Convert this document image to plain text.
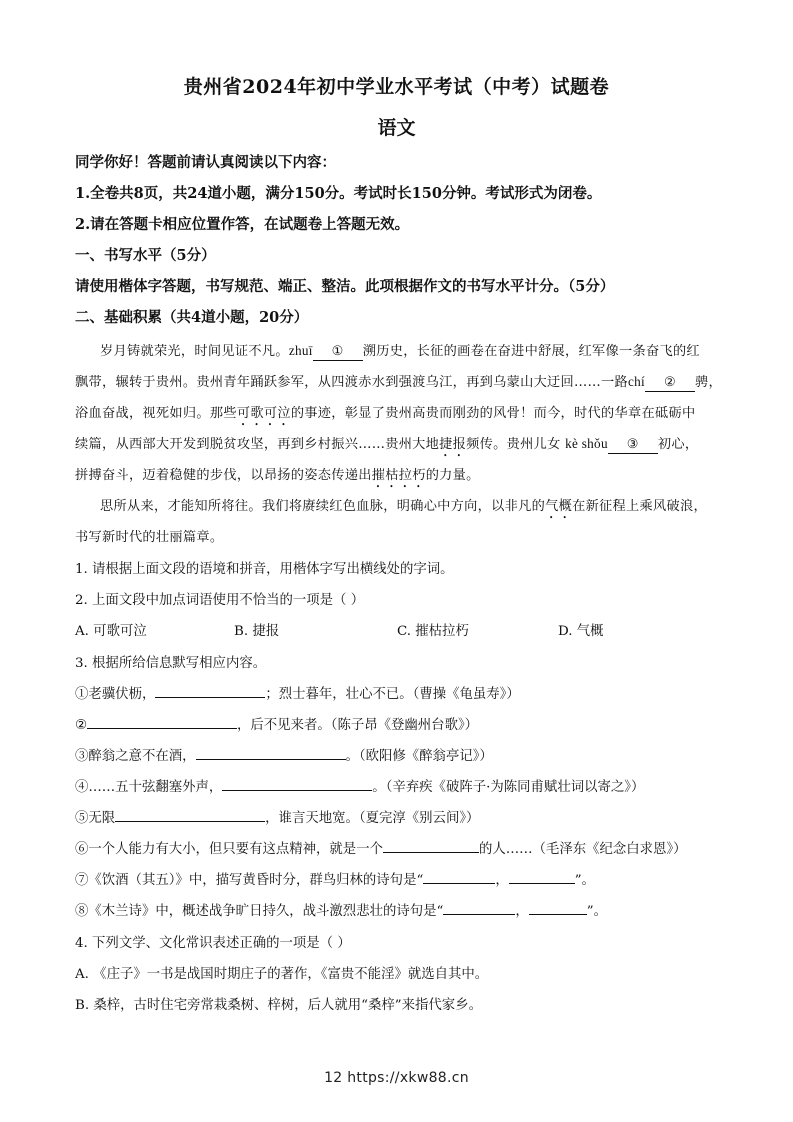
贵州省2024年初中学业水平考试（中考）试题卷
语文
同学你好！答题前请认真阅读以下内容：
1.全卷共8页，共24道小题，满分150分。考试时长150分钟。考试形式为闭卷。
2.请在答题卡相应位置作答，在试题卷上答题无效。
一、书写水平（5分）
请使用楷体字答题，书写规范、端正、整洁。此项根据作文的书写水平计分。（5分）
二、基础积累（共4道小题，20分）
岁月铸就荣光，时间见证不凡。zhuī ① 溯历史，长征的画卷在奋进中舒展，红军像一条奋飞的红
飘带，辗转于贵州。贵州青年踊跃参军，从四渡赤水到强渡乌江，再到乌蒙山大迂回……一路chí ② 骋，
浴血奋战，视死如归。那些可歌可泣的事迹，彰显了贵州高贵而刚劲的风骨！而今，时代的华章在砥砺中
续篇，从西部大开发到脱贫攻坚，再到乡村振兴……贵州大地捷报频传。贵州儿女 kè shǒu ③ 初心，
拼搏奋斗，迈着稳健的步伐，以昂扬的姿态传递出摧枯拉朽的力量。
思所从来，才能知所将往。我们将赓续红色血脉，明确心中方向，以非凡的气概在新征程上乘风破浪，
书写新时代的壮丽篇章。
1. 请根据上面文段的语境和拼音，用楷体字写出横线处的字词。
2. 上面文段中加点词语使用不恰当的一项是（ ）
A. 可歌可泣	B. 捷报	C. 摧枯拉朽	D. 气概
3. 根据所给信息默写相应内容。
①老骥伏枥，	；烈士暮年，壮心不已。（曹操《龟虽寿》）
②	，后不见来者。（陈子昂《登幽州台歌》）
③醉翁之意不在酒，	。（欧阳修《醉翁亭记》）
④……五十弦翻塞外声，	。（辛弃疾《破阵子·为陈同甫赋壮词以寄之》）
⑤无限	，谁言天地宽。（夏完淳《别云间》）
⑥一个人能力有大小，但只要有这点精神，就是一个	的人……（毛泽东《纪念白求恩》）
⑦《饮酒（其五）》中，描写黄昏时分，群鸟归林的诗句是“	，	”。
⑧《木兰诗》中，概述战争旷日持久，战斗激烈悲壮的诗句是“	，	”。
4. 下列文学、文化常识表述正确的一项是（ ）
A. 《庄子》一书是战国时期庄子的著作，《富贵不能淫》就选自其中。
B. 桑梓，古时住宅旁常栽桑树、梓树，后人就用“桑梓”来指代家乡。
12 https://xkw88.cn
